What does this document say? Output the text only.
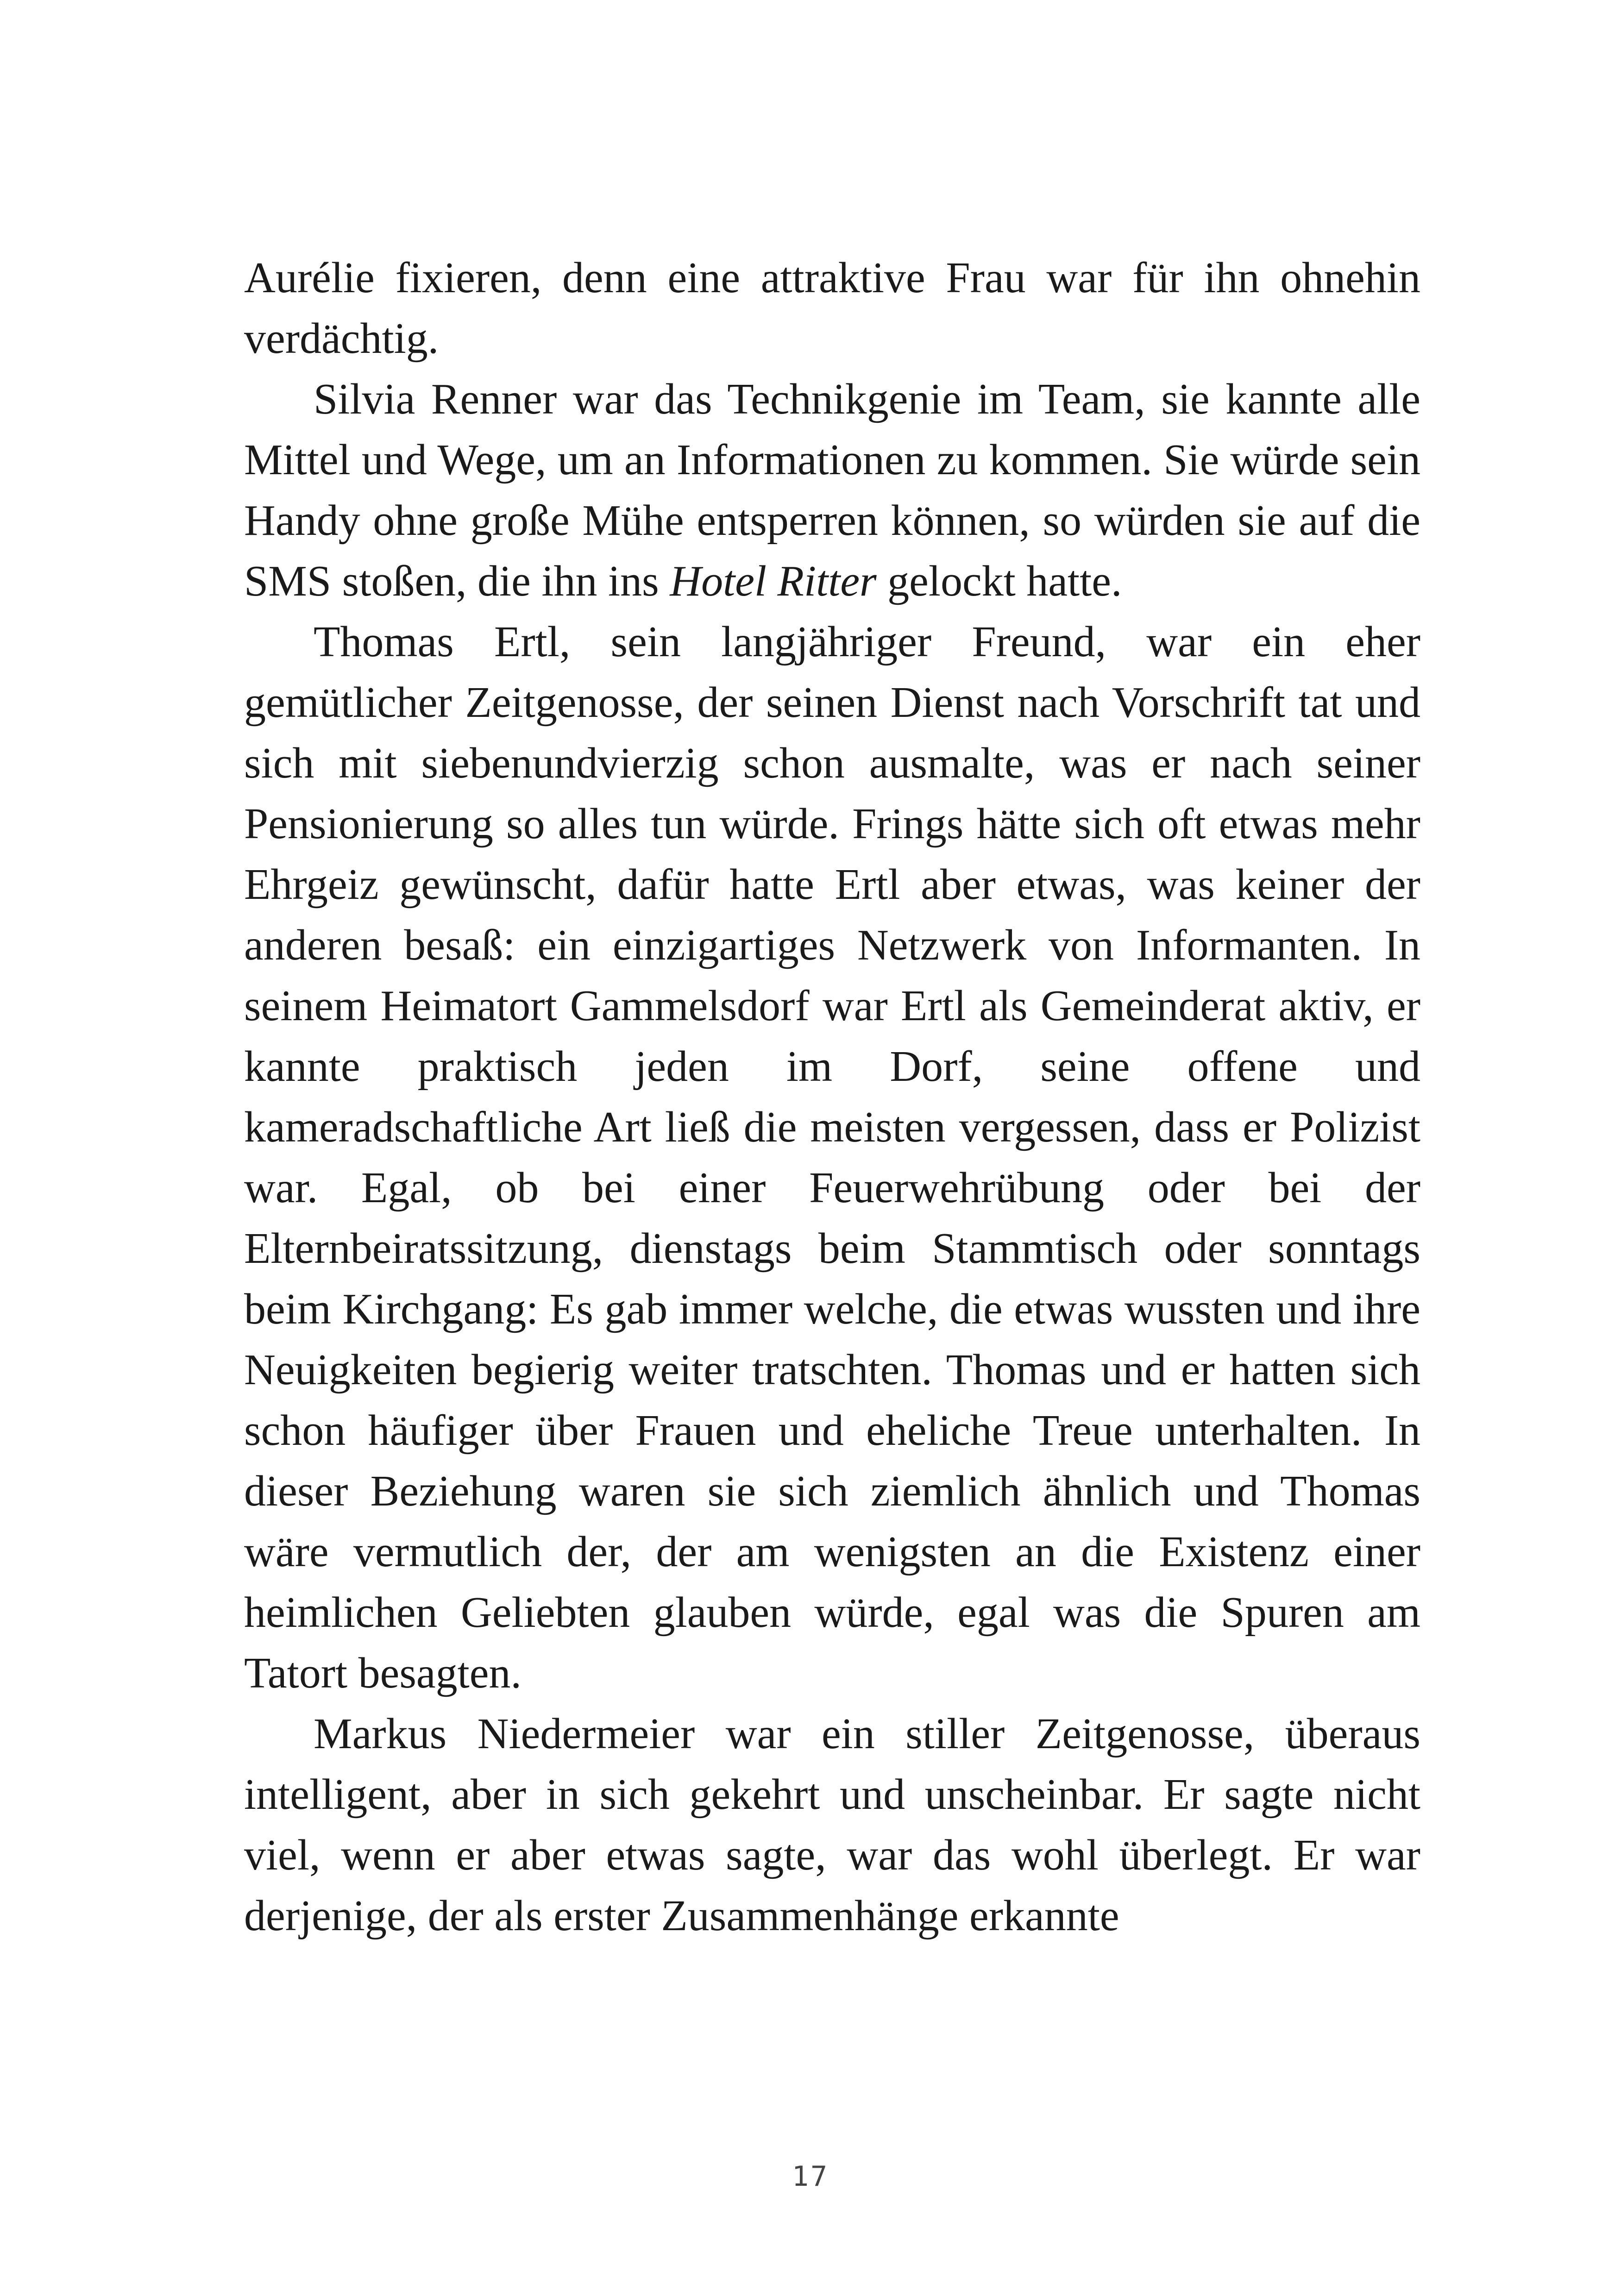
Aurélie fixieren, denn eine attraktive Frau war für ihn ohnehin verdächtig.

Silvia Renner war das Technikgenie im Team, sie kannte alle Mittel und Wege, um an Informationen zu kommen. Sie würde sein Handy ohne große Mühe entsperren können, so würden sie auf die SMS stoßen, die ihn ins Hotel Ritter gelockt hatte.

Thomas Ertl, sein langjähriger Freund, war ein eher gemütlicher Zeitgenosse, der seinen Dienst nach Vorschrift tat und sich mit siebenundvierzig schon ausmalte, was er nach seiner Pensionierung so alles tun würde. Frings hätte sich oft etwas mehr Ehrgeiz gewünscht, dafür hatte Ertl aber etwas, was keiner der anderen besaß: ein einzigartiges Netzwerk von Informanten. In seinem Heimatort Gammelsdorf war Ertl als Gemeinderat aktiv, er kannte praktisch jeden im Dorf, seine offene und kameradschaftliche Art ließ die meisten vergessen, dass er Polizist war. Egal, ob bei einer Feuerwehrübung oder bei der Elternbeiratssitzung, dienstags beim Stammtisch oder sonntags beim Kirchgang: Es gab immer welche, die etwas wussten und ihre Neuigkeiten begierig weiter tratschten. Thomas und er hatten sich schon häufiger über Frauen und eheliche Treue unterhalten. In dieser Beziehung waren sie sich ziemlich ähnlich und Thomas wäre vermutlich der, der am wenigsten an die Existenz einer heimlichen Geliebten glauben würde, egal was die Spuren am Tatort besagten.

Markus Niedermeier war ein stiller Zeitgenosse, überaus intelligent, aber in sich gekehrt und unscheinbar. Er sagte nicht viel, wenn er aber etwas sagte, war das wohl überlegt. Er war derjenige, der als erster Zusammenhänge erkannte

17
